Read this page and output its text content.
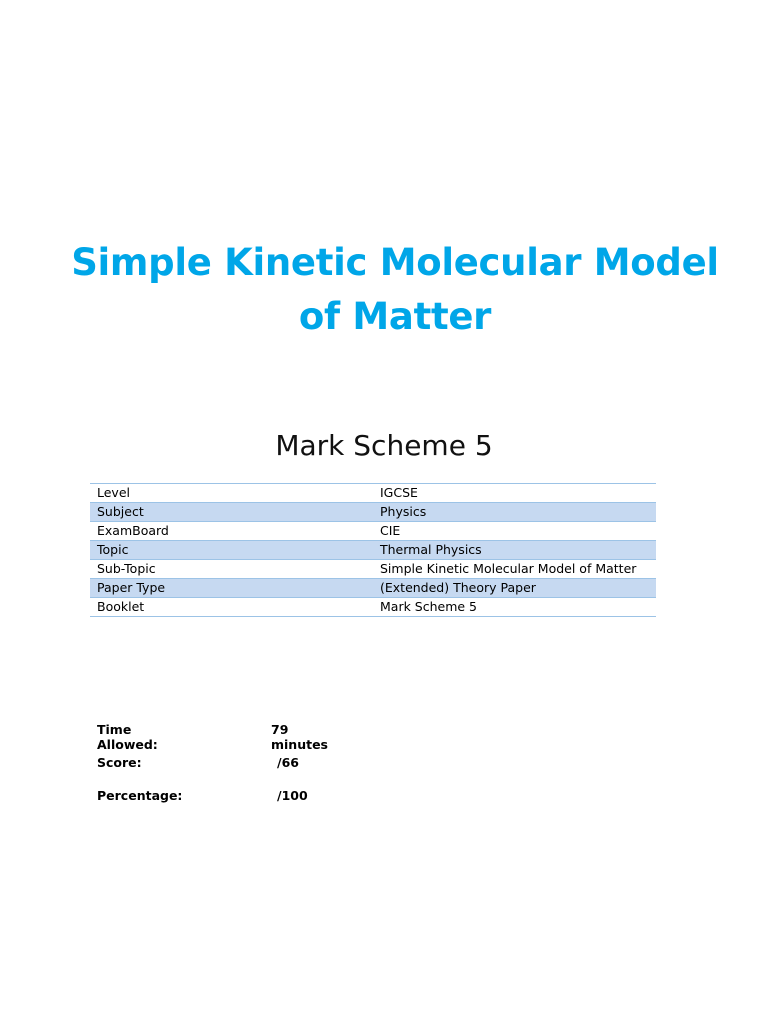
Simple Kinetic Molecular Model
of Matter
Mark Scheme 5
Level	IGCSE
Subject	Physics
ExamBoard	CIE
Topic	Thermal Physics
Sub-Topic	Simple Kinetic Molecular Model of Matter
Paper Type	(Extended) Theory Paper
Booklet	Mark Scheme 5
Time Allowed:
79 minutes
Score:	/66
Percentage:	/100
